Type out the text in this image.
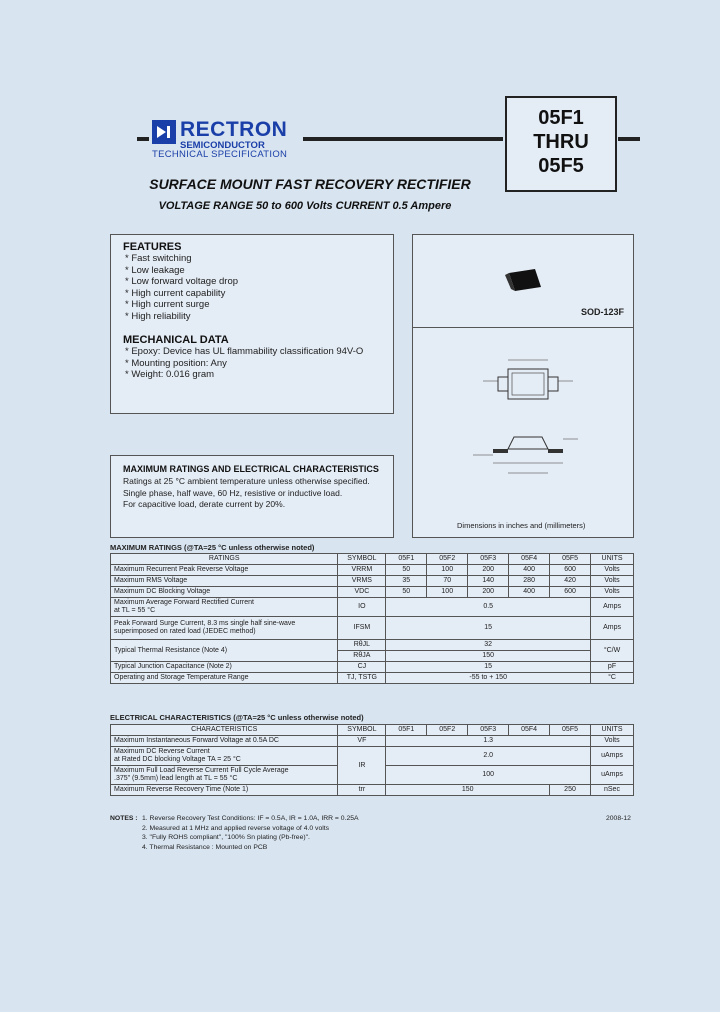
RECTRON
SEMICONDUCTOR
TECHNICAL SPECIFICATION
05F1
THRU
05F5
SURFACE MOUNT FAST RECOVERY RECTIFIER
VOLTAGE RANGE 50 to 600 Volts CURRENT 0.5 Ampere
FEATURES
* Fast switching
* Low leakage
* Low forward voltage drop
* High current capability
* High current surge
* High reliability
MECHANICAL DATA
* Epoxy: Device has UL flammability classification 94V-O
* Mounting position: Any
* Weight: 0.016 gram
SOD-123F
Dimensions in inches and (millimeters)
MAXIMUM RATINGS AND ELECTRICAL CHARACTERISTICS
Ratings at 25 °C ambient temperature unless otherwise specified.
Single phase, half wave, 60 Hz, resistive or inductive load.
For capacitive load, derate current by 20%.
MAXIMUM RATINGS (@TA=25 °C unless otherwise noted)
RATINGS	SYMBOL	05F1	05F2	05F3	05F4	05F5	UNITS
Maximum Recurrent Peak Reverse Voltage	VRRM	50	100	200	400	600	Volts
Maximum RMS Voltage	VRMS	35	70	140	280	420	Volts
Maximum DC Blocking Voltage	VDC	50	100	200	400	600	Volts

Maximum Average Forward Rectified Current
at TL = 55 °C	IO	0.5					Amps

Peak Forward Surge Current, 8.3 ms single half sine-wave
superimposed on rated load (JEDEC method)	IFSM	15					Amps
Typical Thermal Resistance (Note 4)	RθJL	32					°C/W
	RθJA	150					
Typical Junction Capacitance (Note 2)	CJ	15					pF
Operating and Storage Temperature Range	TJ, TSTG	-55 to + 150					°C
ELECTRICAL CHARACTERISTICS (@TA=25 °C unless otherwise noted)
CHARACTERISTICS	SYMBOL	05F1	05F2	05F3	05F4	05F5	UNITS
Maximum Instantaneous Forward Voltage at 0.5A DC	VF	1.3					Volts

Maximum DC Reverse Current
at Rated DC blocking Voltage TA = 25 °C	IR	2.0					uAmps

Maximum Full Load Reverse Current Full Cycle Average
.375" (9.5mm) lead length at TL = 55 °C		100					uAmps
Maximum Reverse Recovery Time (Note 1)	trr	150				250	nSec
NOTES :	2008-12
1. Reverse Recovery Test Conditions: IF = 0.5A, IR = 1.0A, IRR = 0.25A
2. Measured at 1 MHz and applied reverse voltage of 4.0 volts
3. "Fully ROHS compliant", "100% Sn plating (Pb-free)".
4. Thermal Resistance : Mounted on PCB
